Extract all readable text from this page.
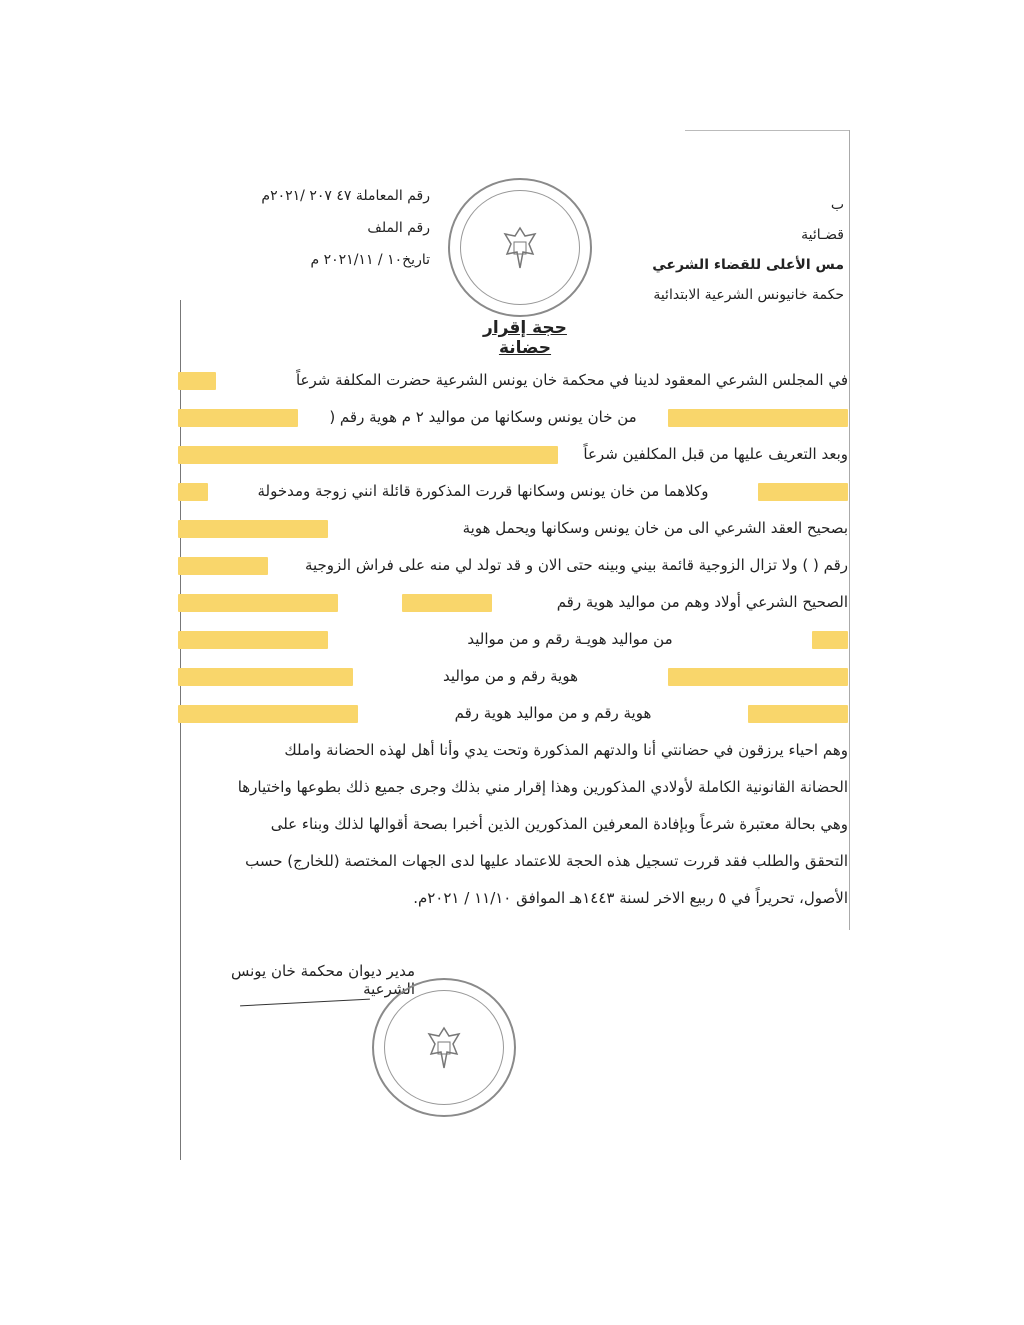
ب
قضـائية
مس الأعلى للقضاء الشرعي
حكمة خانيونس الشرعية الابتدائية
رقم المعاملة ٤٧ ٢٠٧ /٢٠٢١م
رقم الملف
تاريخ١٠ / ٢٠٢١/١١ م
حجة إقرار حضانة
في المجلس الشرعي المعقود لدينا في محكمة خان يونس الشرعية حضرت المكلفة شرعاً
من خان يونس وسكانها من مواليد ٢ م هوية رقم (
وبعد التعريف عليها من قبل المكلفين شرعاً
وكلاهما من خان يونس وسكانها قررت المذكورة قائلة انني زوجة ومدخولة
بصحيح العقد الشرعي الى من خان يونس وسكانها ويحمل هوية
رقم ( ) ولا تزال الزوجية قائمة بيني وبينه حتى الان و قد تولد لي منه على فراش الزوجية
الصحيح الشرعي أولاد وهم من مواليد هوية رقم
من مواليد هويـة رقم و من مواليد
هوية رقم و من مواليد
هوية رقم و من مواليد هوية رقم
وهم احياء يرزقون في حضانتي أنا والدتهم المذكورة وتحت يدي وأنا أهل لهذه الحضانة واملك
الحضانة القانونية الكاملة لأولادي المذكورين وهذا إقرار مني بذلك وجرى جميع ذلك بطوعها واختيارها
وهي بحالة معتبرة شرعاً وبإفادة المعرفين المذكورين الذين أخبرا بصحة أقوالها لذلك وبناء على
التحقق والطلب فقد قررت تسجيل هذه الحجة للاعتماد عليها لدى الجهات المختصة (للخارج) حسب
الأصول، تحريراً في ٥ ربيع الاخر لسنة ١٤٤٣هـ الموافق ١١/١٠ / ٢٠٢١م.
مدير ديوان محكمة خان يونس الشرعية
